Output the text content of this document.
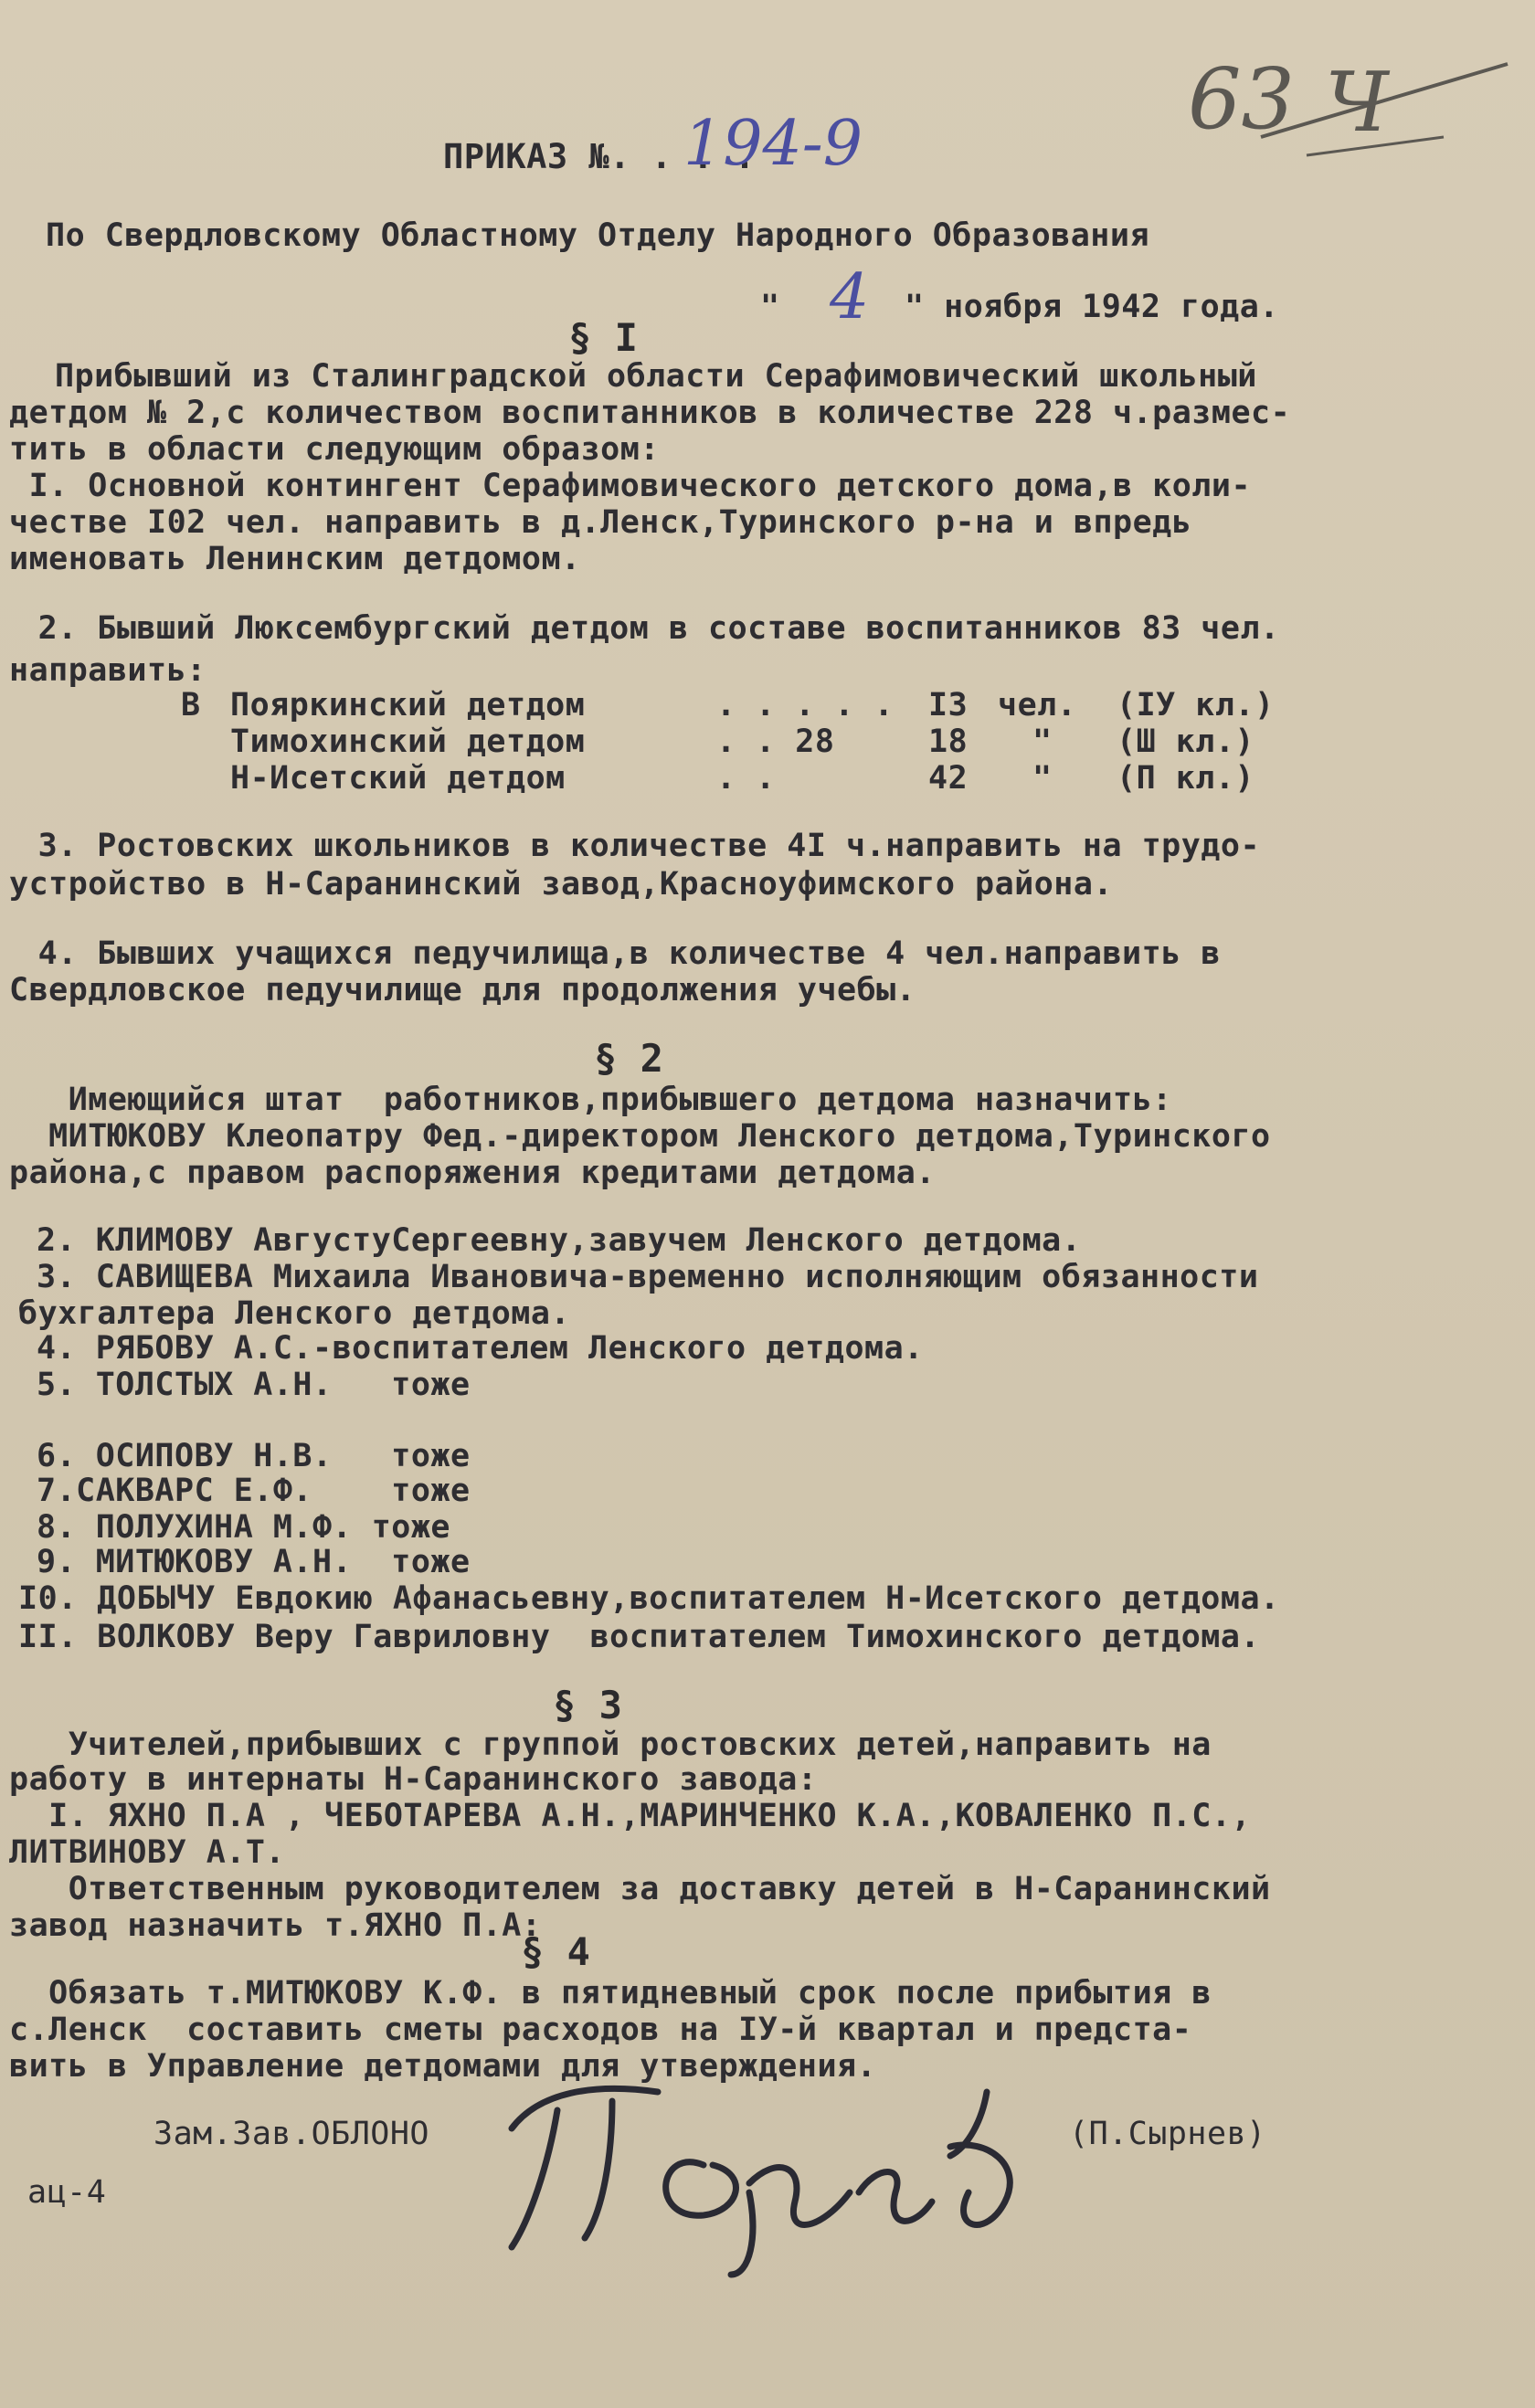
63 Ч
ПРИКАЗ №. . . .
194-9
По Свердловскому Областному Отделу Народного Образования
" 4 " ноября 1942 года.
§ I
Прибывший из Сталинградской области Серафимовический школьный
детдом № 2,с количеством воспитанников в количестве 228 ч.размес-
тить в области следующим образом:
I. Основной контингент Серафимовического детского дома,в коли-
честве I02 чел. направить в д.Ленск,Туринского р-на и впредь
именовать Ленинским детдомом.
2. Бывший Люксембургский детдом в составе воспитанников 83 чел.
направить:
В Пояркинский детдом	. . . . . I3 чел. (IУ кл.)
Тимохинский детдом	. . 28	18 " (Ш кл.)
Н-Исетский детдом	. .	42 " (П кл.)
3. Ростовских школьников в количестве 4I ч.направить на трудо-
устройство в Н-Саранинский завод,Красноуфимского района.
4. Бывших учащихся педучилища,в количестве 4 чел.направить в
Свердловское педучилище для продолжения учебы.
§ 2
Имеющийся штат  работников,прибывшего детдома назначить:
МИТЮКОВУ Клеопатру Фед.-директором Ленского детдома,Туринского
района,с правом распоряжения кредитами детдома.
2. КЛИМОВУ АвгустуСергеевну,завучем Ленского детдома.
3. САВИЩЕВА Михаила Ивановича-временно исполняющим обязанности
бухгалтера Ленского детдома.
4. РЯБОВУ А.С.-воспитателем Ленского детдома.
5. ТОЛСТЫХ А.Н.   тоже
6. ОСИПОВУ Н.В.   тоже
7.САКВАРС Е.Ф.    тоже
8. ПОЛУХИНА М.Ф. тоже
9. МИТЮКОВУ А.Н.  тоже
I0. ДОБЫЧУ Евдокию Афанасьевну,воспитателем Н-Исетского детдома.
II. ВОЛКОВУ Веру Гавриловну  воспитателем Тимохинского детдома.
§ 3
Учителей,прибывших с группой ростовских детей,направить на
работу в интернаты Н-Саранинского завода:
I. ЯХНО П.А , ЧЕБОТАРЕВА А.Н.,МАРИНЧЕНКО К.А.,КОВАЛЕНКО П.С.,
ЛИТВИНОВУ А.Т.
Ответственным руководителем за доставку детей в Н-Саранинский
завод назначить т.ЯХНО П.А:
§ 4
Обязать т.МИТЮКОВУ К.Ф. в пятидневный срок после прибытия в
с.Ленск  составить сметы расходов на IУ-й квартал и предста-
вить в Управление детдомами для утверждения.
Зам.Зав.ОБЛОНО	(П.Сырнев)
ац-4
